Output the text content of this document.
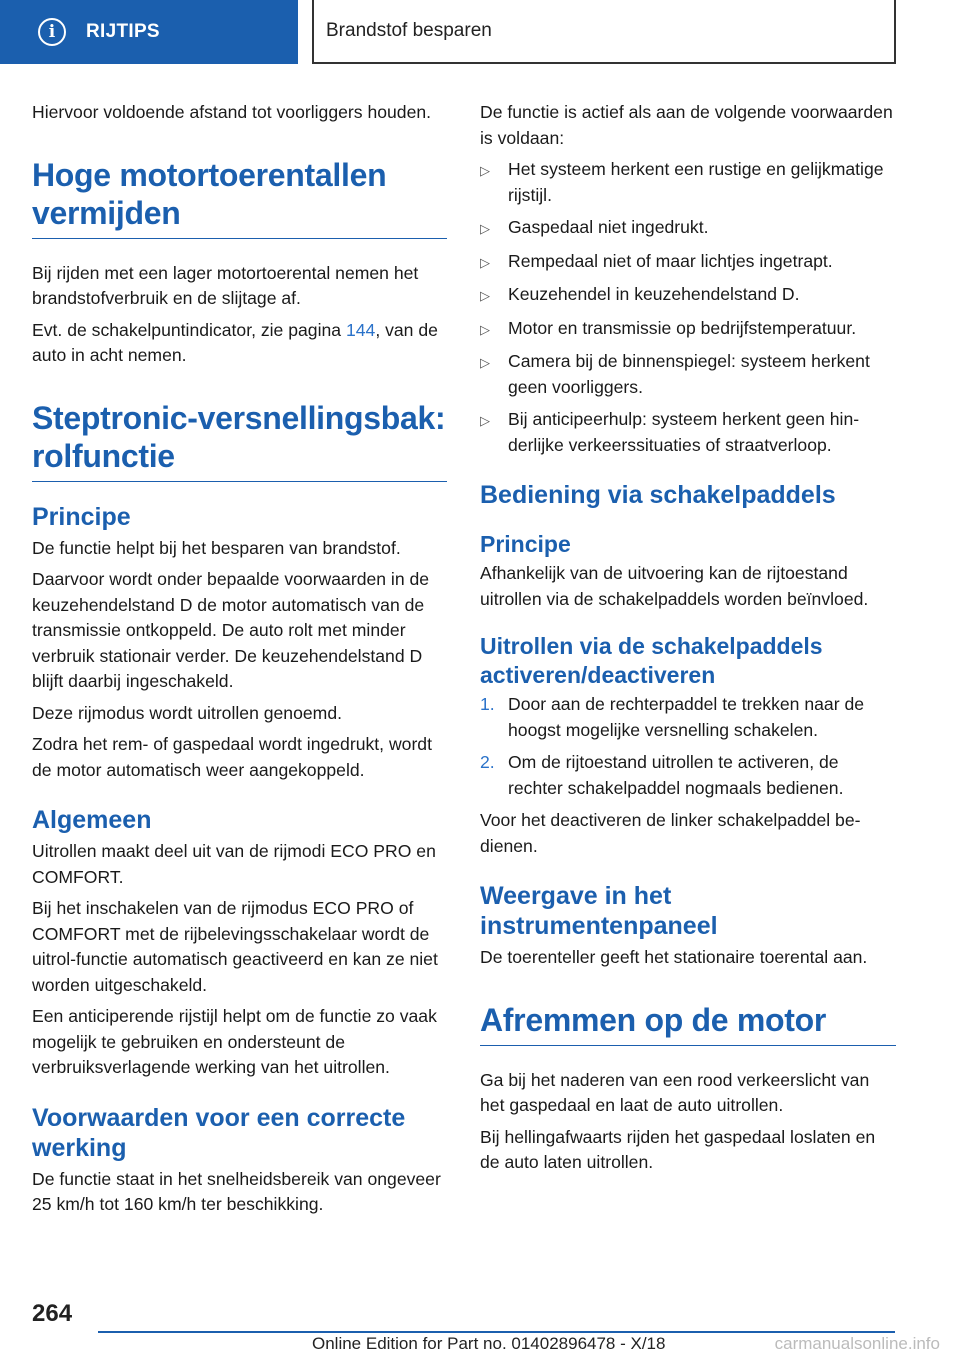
i	RIJTIPS	Brandstof besparen

Hiervoor voldoende afstand tot voorliggers houden.

Hoge motortoerentallen vermijden

Bij rijden met een lager motortoerental nemen het brandstofverbruik en de slijtage af.

Evt. de schakelpuntindicator, zie pagina 144, van de auto in acht nemen.

Steptronic-versnellingsbak: rolfunctie
Principe

De functie helpt bij het besparen van brandstof.

Daarvoor wordt onder bepaalde voorwaarden in de keuzehendelstand D de motor automatisch van de transmissie ontkoppeld. De auto rolt met minder verbruik stationair verder. De keuzehendelstand D blijft daarbij ingeschakeld.

Deze rijmodus wordt uitrollen genoemd.

Zodra het rem- of gaspedaal wordt ingedrukt, wordt de motor automatisch weer aangekoppeld.

Algemeen

Uitrollen maakt deel uit van de rijmodi ECO PRO en COMFORT.

Bij het inschakelen van de rijmodus ECO PRO of COMFORT met de rijbelevingsschakelaar wordt de uitrol-functie automatisch geactiveerd en kan ze niet worden uitgeschakeld.

Een anticiperende rijstijl helpt om de functie zo vaak mogelijk te gebruiken en ondersteunt de verbruiksverlagende werking van het uitrollen.

Voorwaarden voor een correcte werking

De functie staat in het snelheidsbereik van ongeveer 25 km/h tot 160 km/h ter beschikking.

De functie is actief als aan de volgende voorwaarden is voldaan:

▷	Het systeem herkent een rustige en gelijkmatige rijstijl.
▷	Gaspedaal niet ingedrukt.
▷	Rempedaal niet of maar lichtjes ingetrapt.
▷	Keuzehendel in keuzehendelstand D.
▷	Motor en transmissie op bedrijfstemperatuur.
▷	Camera bij de binnenspiegel: systeem herkent geen voorliggers.
▷	Bij anticipeerhulp: systeem herkent geen hinderlijke verkeerssituaties of straatverloop.
Bediening via schakelpaddels
Principe

Afhankelijk van de uitvoering kan de rijtoestand uitrollen via de schakelpaddels worden beïnvloed.

Uitrollen via de schakelpaddels activeren/deactiveren
1. Door aan de rechterpaddel te trekken naar de hoogst mogelijke versnelling schakelen.
2. Om de rijtoestand uitrollen te activeren, de rechter schakelpaddel nogmaals bedienen.

Voor het deactiveren de linker schakelpaddel bedienen.

Weergave in het instrumentenpaneel

De toerenteller geeft het stationaire toerental aan.

Afremmen op de motor

Ga bij het naderen van een rood verkeerslicht van het gaspedaal en laat de auto uitrollen.

Bij hellingafwaarts rijden het gaspedaal loslaten en de auto laten uitrollen.

264
Online Edition for Part no. 01402896478 - X/18	carmanualsonline.info
